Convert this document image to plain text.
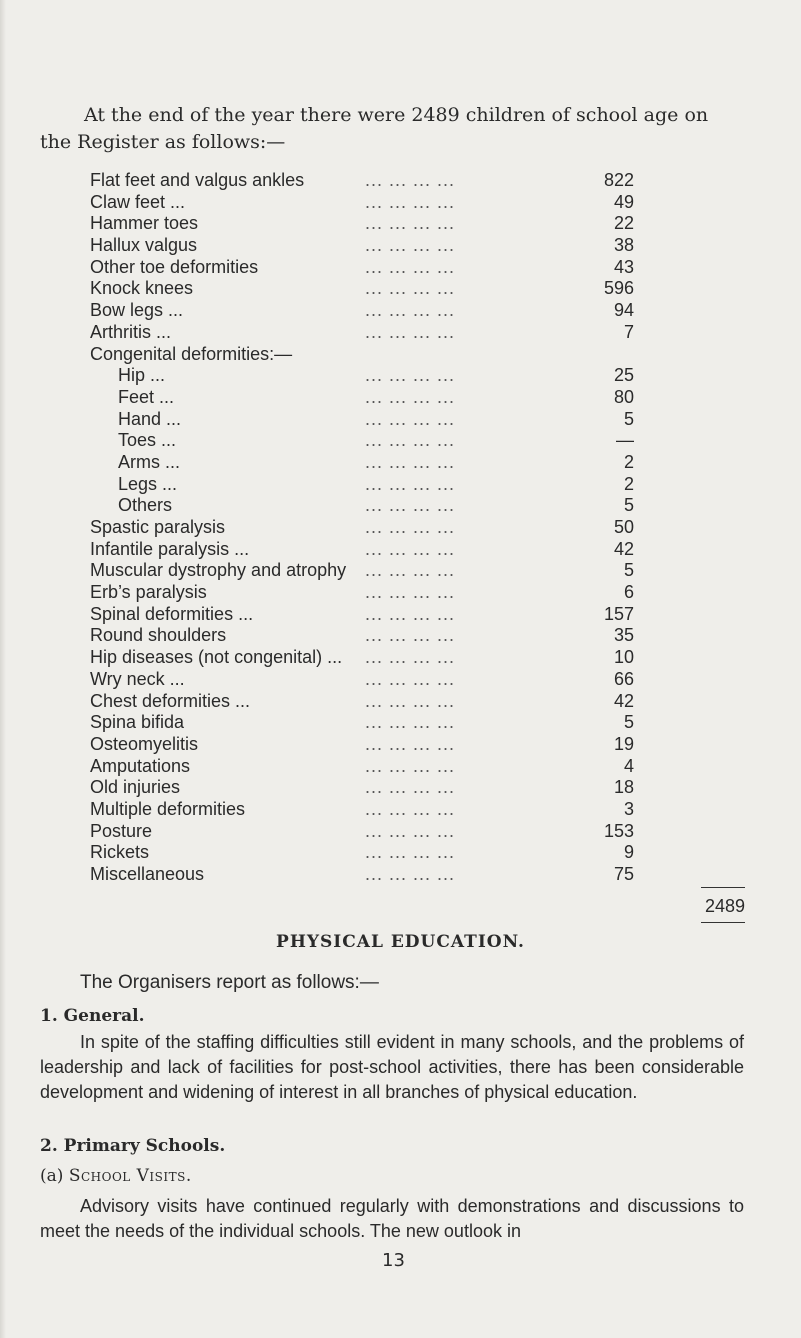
At the end of the year there were 2489 children of school age on the Register as follows:—

Flat feet and valgus ankles	... ... ... ...	822
Claw feet ...	... ... ... ...	49
Hammer toes	... ... ... ...	22
Hallux valgus	... ... ... ...	38
Other toe deformities	... ... ... ...	43
Knock knees	... ... ... ...	596
Bow legs ...	... ... ... ...	94
Arthritis ...	... ... ... ...	7
Congenital deformities:—
Hip ...	... ... ... ...	25
Feet ...	... ... ... ...	80
Hand ...	... ... ... ...	5
Toes ...	... ... ... ...	—
Arms ...	... ... ... ...	2
Legs ...	... ... ... ...	2
Others	... ... ... ...	5
Spastic paralysis	... ... ... ...	50
Infantile paralysis ...	... ... ... ...	42
Muscular dystrophy and atrophy ... ... ... ...	5
Erb’s paralysis	... ... ... ...	6
Spinal deformities ...	... ... ... ...	157
Round shoulders	... ... ... ...	35
Hip diseases (not congenital) ... ... ... ... ...	10
Wry neck ...	... ... ... ...	66
Chest deformities ...	... ... ... ...	42
Spina bifida	... ... ... ...	5
Osteomyelitis	... ... ... ...	19
Amputations	... ... ... ...	4
Old injuries	... ... ... ...	18
Multiple deformities	... ... ... ...	3
Posture	... ... ... ...	153
Rickets	... ... ... ...	9
Miscellaneous	... ... ... ...	75
2489
PHYSICAL EDUCATION.
The Organisers report as follows:—
1. General.
In spite of the staffing difficulties still evident in many schools, and the problems of leadership and lack of facilities for post-school activities, there has been considerable development and widening of interest in all branches of physical education.
2. Primary Schools.
(a) School Visits.
Advisory visits have continued regularly with demonstrations and discussions to meet the needs of the individual schools. The new outlook in
13
